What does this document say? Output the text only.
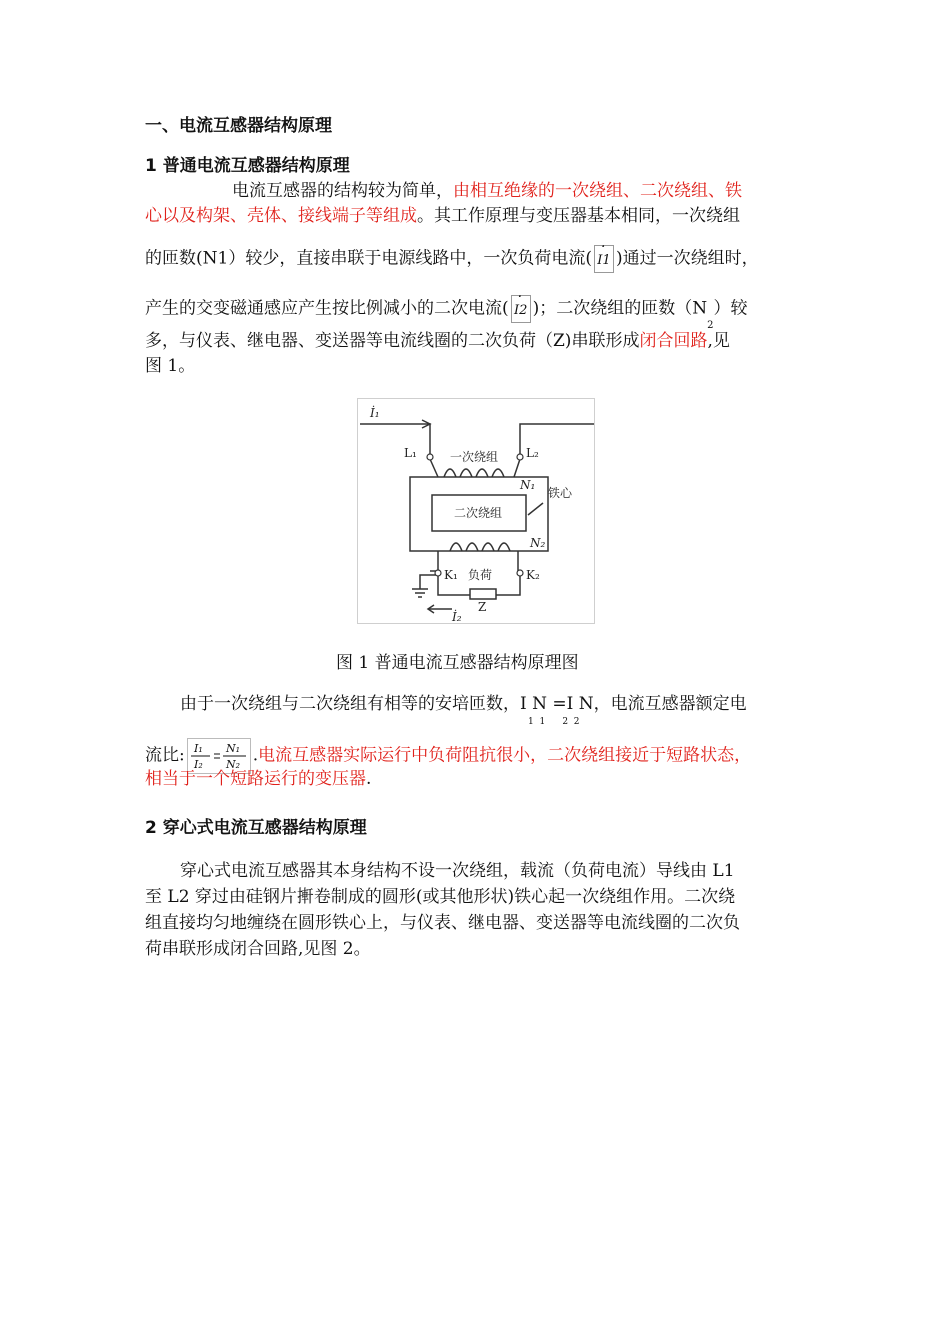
一、电流互感器结构原理
1 普通电流互感器结构原理
电流互感器的结构较为简单，由相互绝缘的一次绕组、二次绕组、铁
心以及构架、壳体、接线端子等组成。其工作原理与变压器基本相同，一次绕组
的匝数(N1）较少，直接串联于电源线路中，一次负荷电流( · I1 )通过一次绕组时，
产生的交变磁通感应产生按比例减小的二次电流( · I2 )；二次绕组的匝数$(N_2)$较
多，与仪表、继电器、变送器等电流线圈的二次负荷（Z)串联形成闭合回路,见
图 1。
İ₁
L₁	L₂
一次绕组
N₁
铁心
二次绕组
N₂
K₁ 负荷	K₂
Z
İ₂
图 1 普通电流互感器结构原理图
由于一次绕组与二次绕组有相等的安培匝数，I N =I N
1  1      2  2
，电流互感器额定电
流比: I₁
I₂
N₁
N₂ .电流互感器实际运行中负荷阻抗很小，二次绕组接近于短路状态，
相当于一个短路运行的变压器.
2 穿心式电流互感器结构原理
穿心式电流互感器其本身结构不设一次绕组，载流（负荷电流）导线由 L1
至 L2 穿过由硅钢片搟卷制成的圆形(或其他形状)铁心起一次绕组作用。二次绕
组直接均匀地缠绕在圆形铁心上，与仪表、继电器、变送器等电流线圈的二次负
荷串联形成闭合回路,见图 2。
